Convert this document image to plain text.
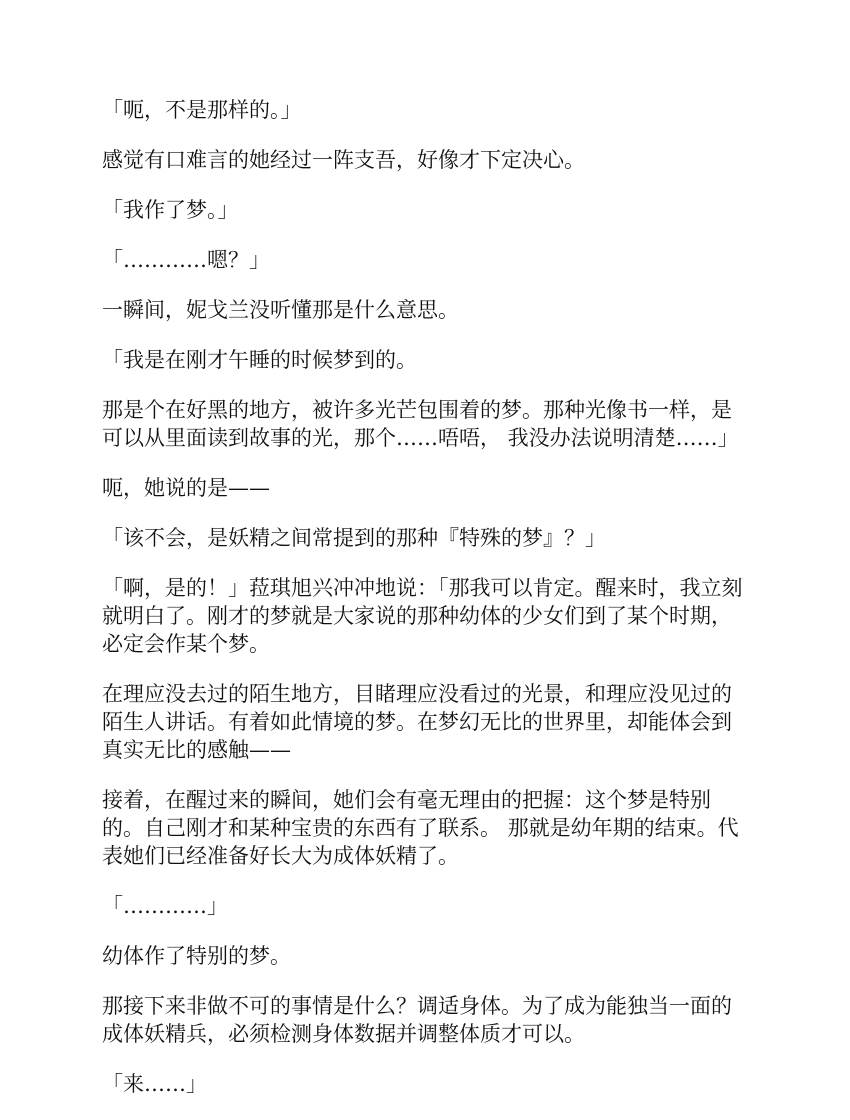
「呃，不是那样的。」

感觉有口难言的她经过一阵支吾，好像才下定决心。

「我作了梦。」

「…………嗯？」

一瞬间，妮戈兰没听懂那是什么意思。

「我是在刚才午睡的时候梦到的。

那是个在好黑的地方，被许多光芒包围着的梦。那种光像书一样，是可以从里面读到故事的光，那个……唔唔， 我没办法说明清楚……」

呃，她说的是——

「该不会，是妖精之间常提到的那种『特殊的梦』？」

「啊，是的！」菈琪旭兴冲冲地说：「那我可以肯定。醒来时，我立刻就明白了。刚才的梦就是大家说的那种幼体的少女们到了某个时期，必定会作某个梦。

在理应没去过的陌生地方，目睹理应没看过的光景，和理应没见过的陌生人讲话。有着如此情境的梦。在梦幻无比的世界里，却能体会到真实无比的感触——

接着，在醒过来的瞬间，她们会有毫无理由的把握：这个梦是特别的。自己刚才和某种宝贵的东西有了联系。 那就是幼年期的结束。代表她们已经准备好长大为成体妖精了。

「…………」

幼体作了特别的梦。

那接下来非做不可的事情是什么？调适身体。为了成为能独当一面的成体妖精兵，必须检测身体数据并调整体质才可以。

「来……」
